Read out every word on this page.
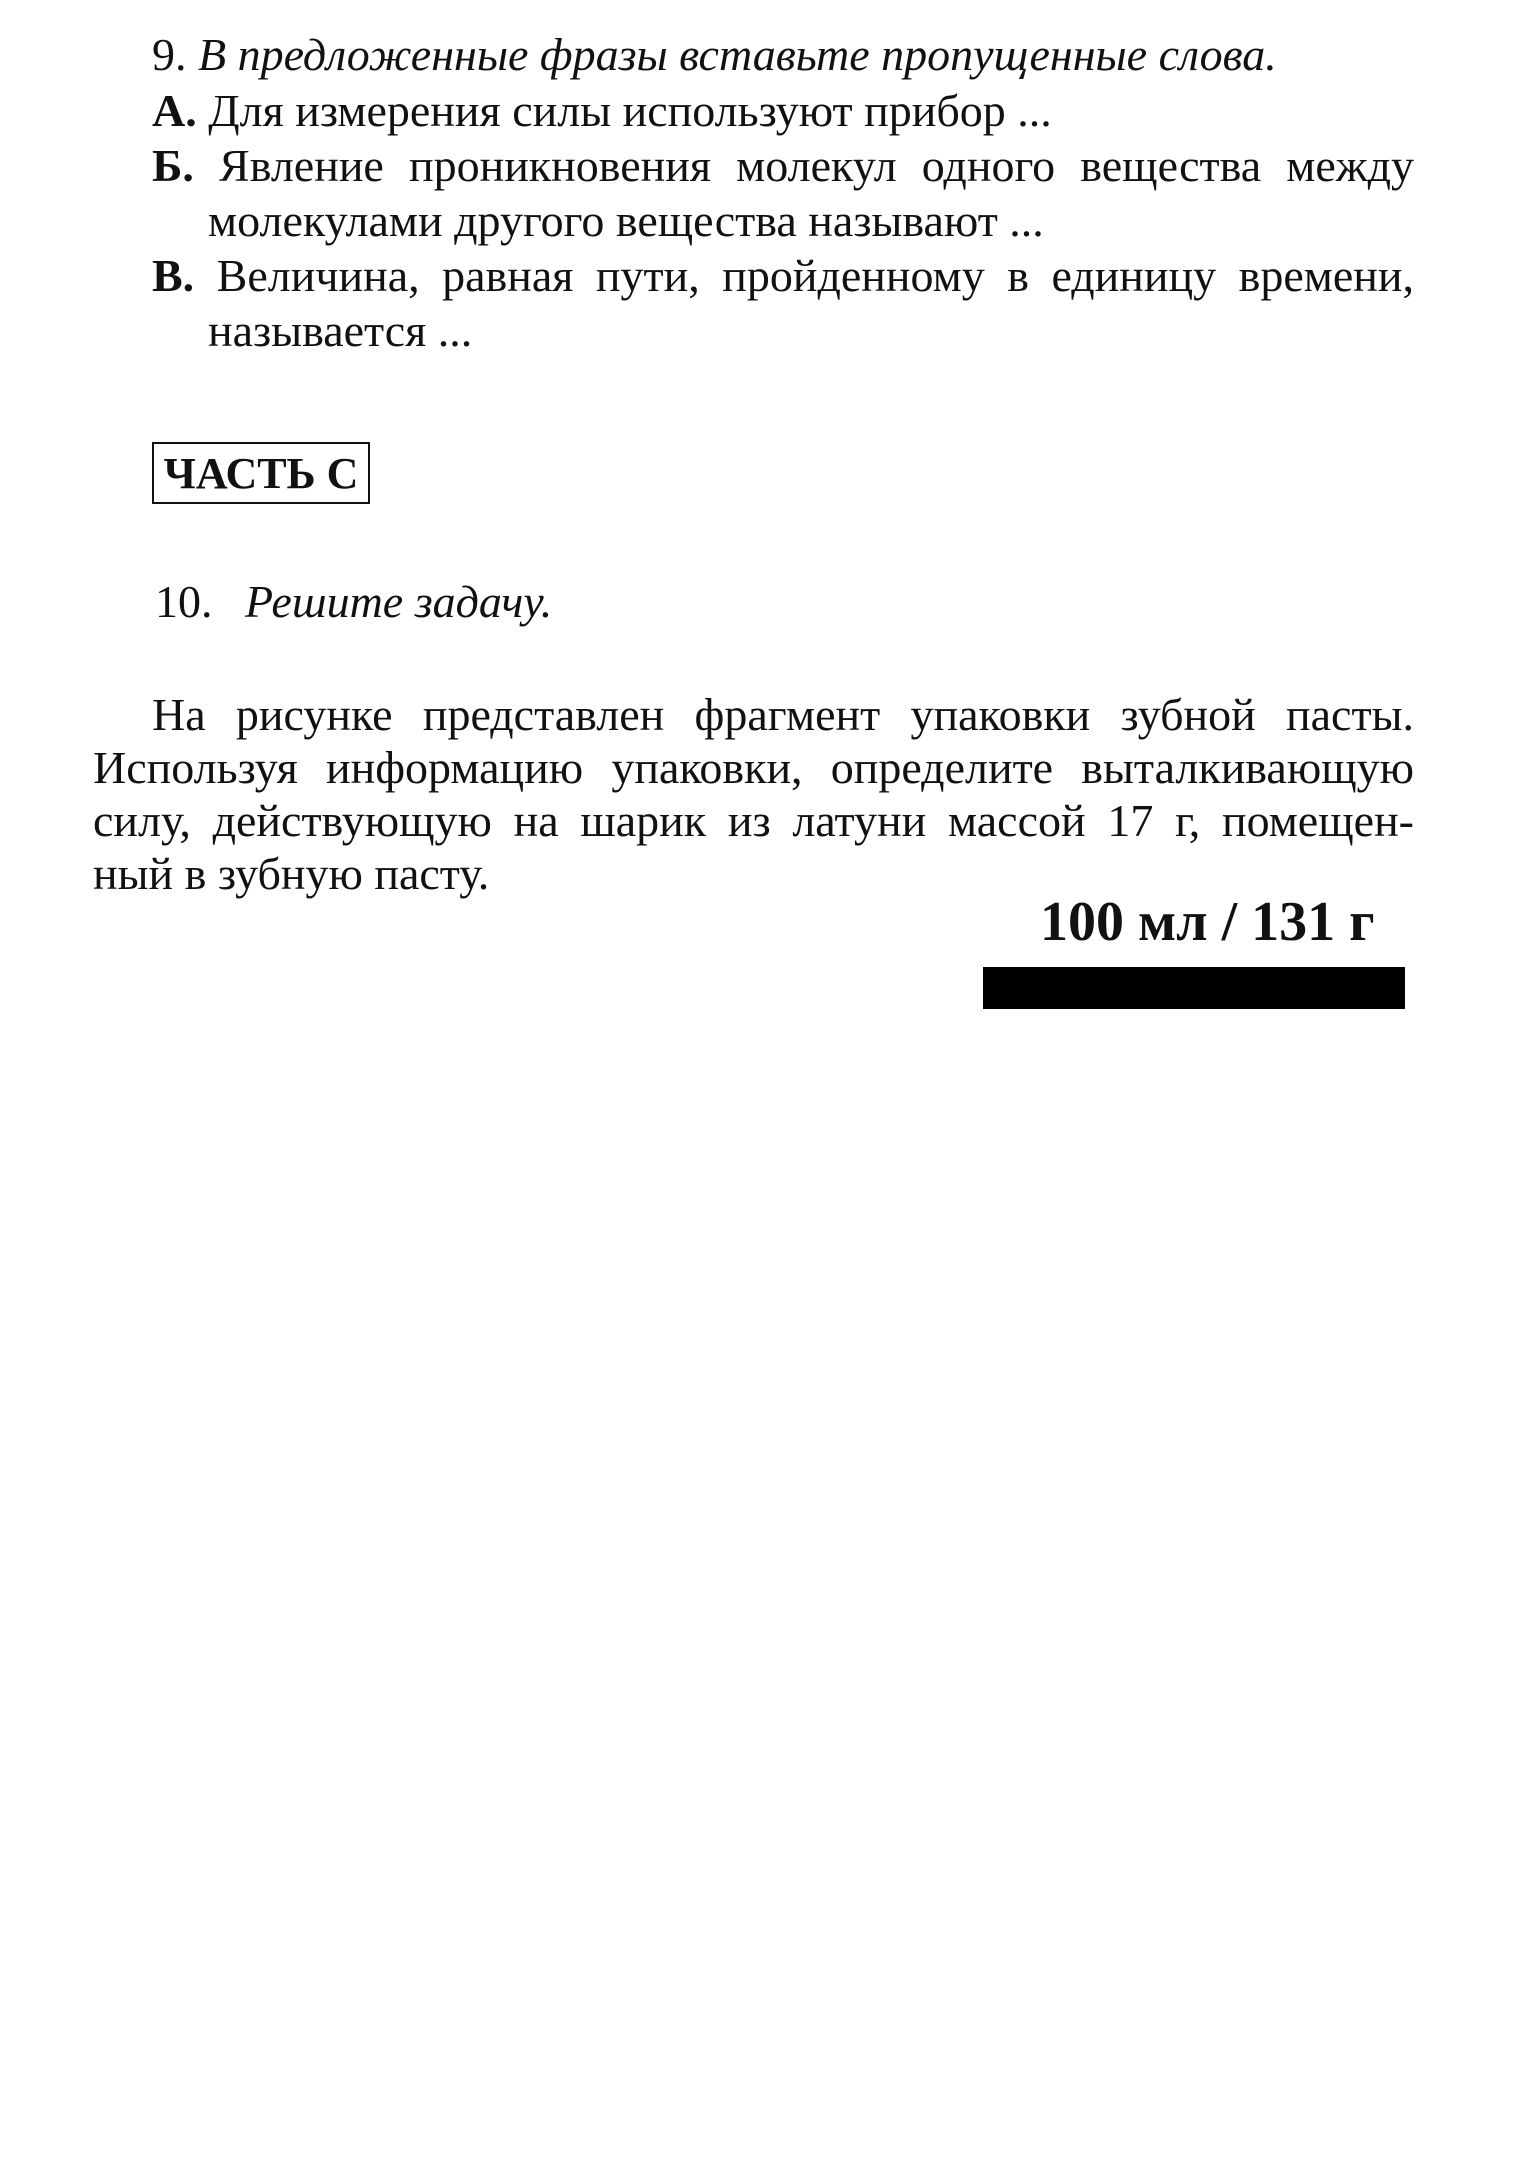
9. В предложенные фразы вставьте пропущенные слова.
А. Для измерения силы используют прибор ...
Б. Явление проникновения молекул одного вещества между
молекулами другого вещества называют ...
В. Величина, равная пути, пройденному в единицу времени,
называется ...
ЧАСТЬ С
10. Решите задачу.
На рисунке представлен фрагмент упаковки зубной пасты.
Используя информацию упаковки, определите выталкивающую
силу, действующую на шарик из латуни массой 17 г, помещен-
ный в зубную пасту.
100 мл / 131 г
